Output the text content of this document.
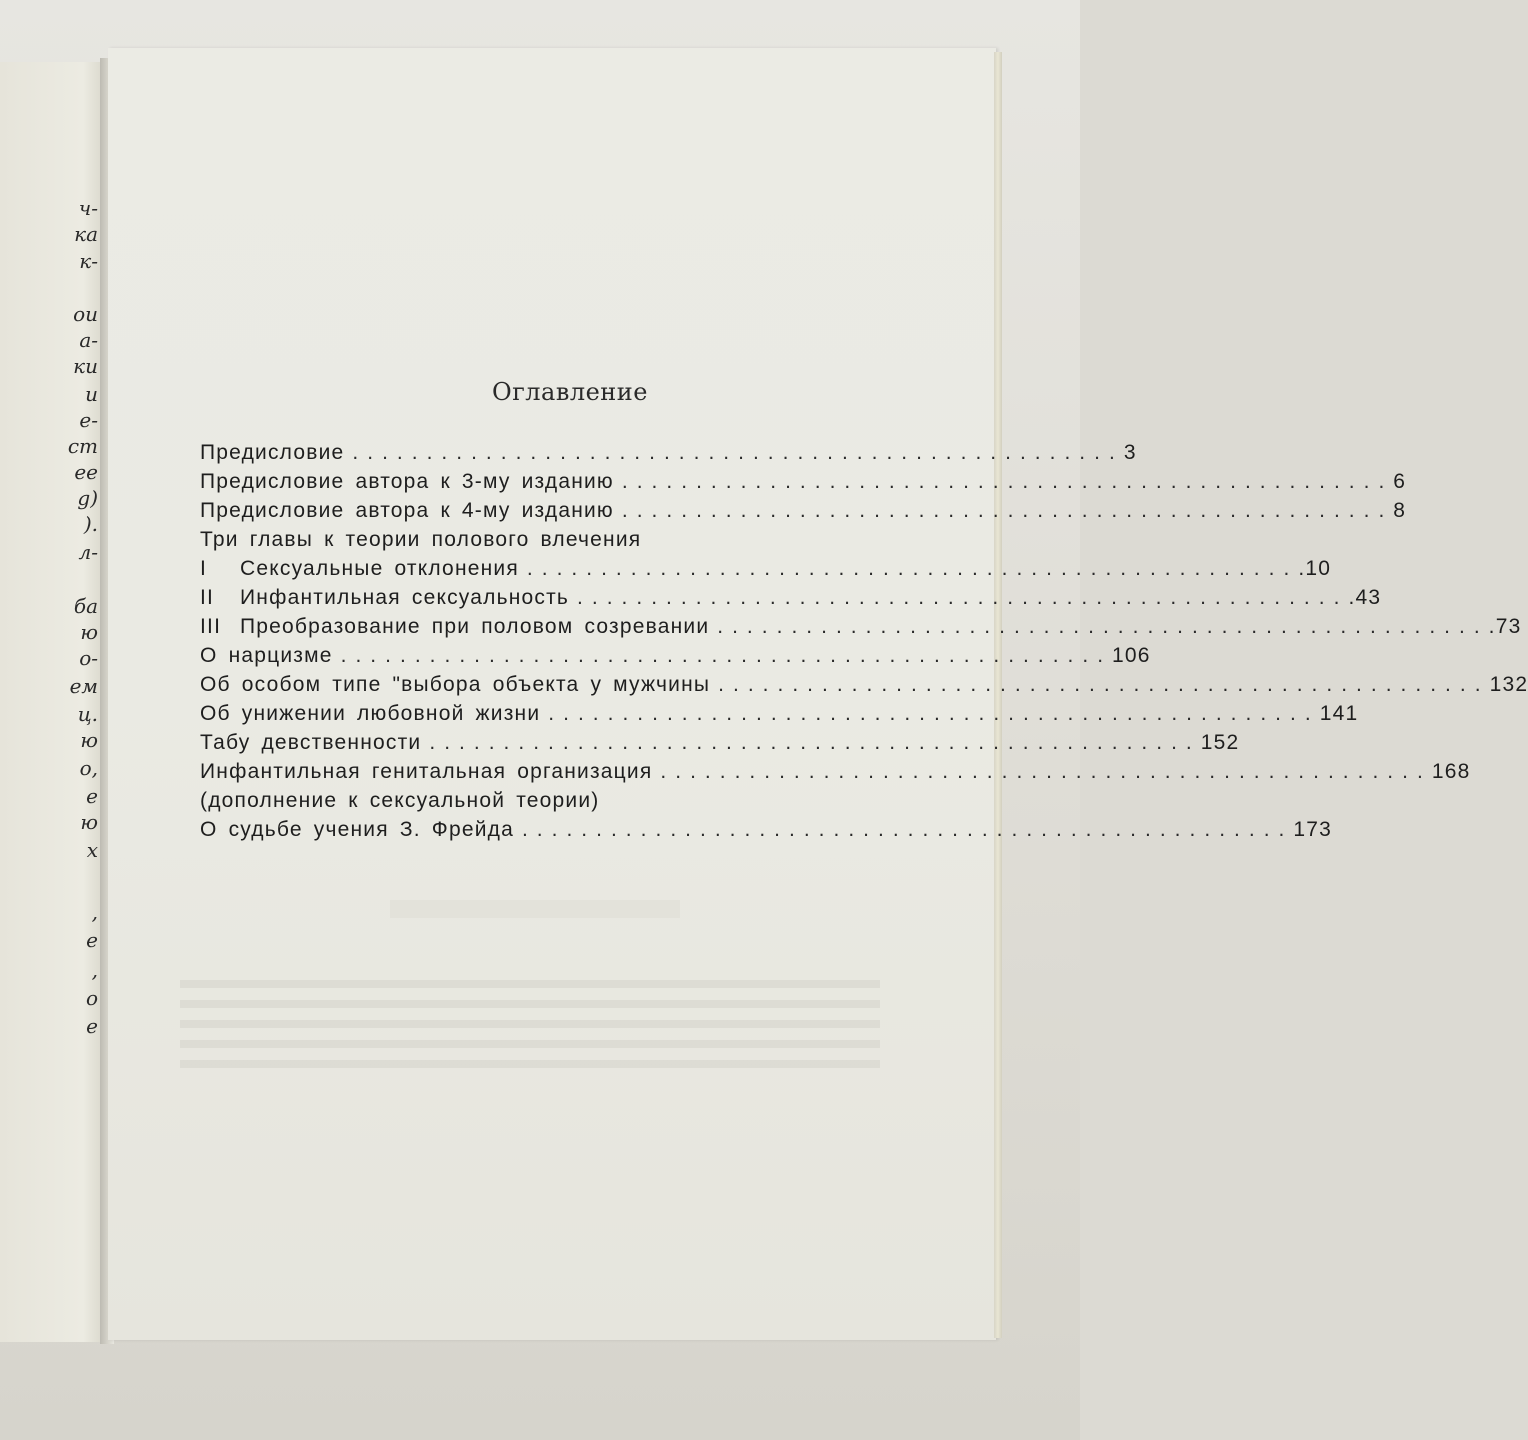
ч-
ка
к-
ои
а-
ки
и
е-
ст
ее
g)
).
л-
ба
ю
о-
ем
ц.
ю
о,
е
ю
х
,
е
,
о
е
Оглавление
Предисловие .................................................... 3
Предисловие автора к 3-му изданию .................................................... 6
Предисловие автора к 4-му изданию .................................................... 8
Три главы к теории полового влечения
I	Сексуальные отклонения .................................................... .10
II	Инфантильная сексуальность .................................................... .43
III Преобразование при половом созревании .................................................... .73
О нарцизме .................................................... 106
Об особом типе "выбора объекта у мужчины .................................................... 132
Об унижении любовной жизни .................................................... 141
Табу девственности .................................................... 152
Инфантильная генитальная организация .................................................... 168
(дополнение к сексуальной теории)
О судьбе учения З. Фрейда .................................................... 173
